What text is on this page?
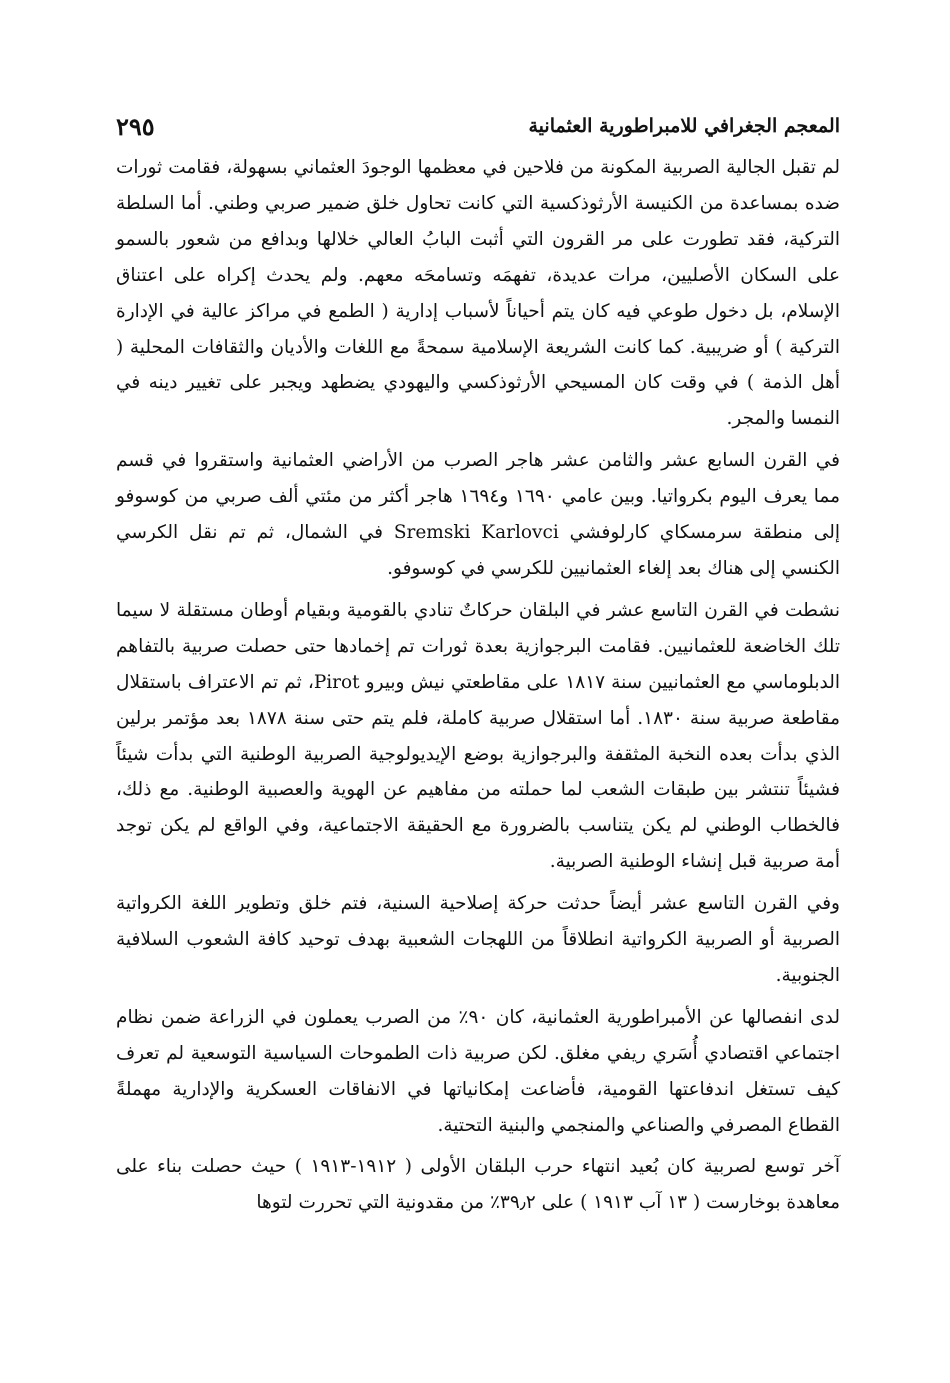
المعجم الجغرافي للامبراطورية العثمانية
٢٩٥

لم تقبل الجالية الصربية المكونة من فلاحين في معظمها الوجودَ العثماني بسهولة، فقامت ثورات ضده بمساعدة من الكنيسة الأرثوذكسية التي كانت تحاول خلق ضمير صربي وطني. أما السلطة التركية، فقد تطورت على مر القرون التي أثبت البابُ العالي خلالها وبدافع من شعور بالسمو على السكان الأصليين، مرات عديدة، تفهمَه وتسامحَه معهم. ولم يحدث إكراه على اعتناق الإسلام، بل دخول طوعي فيه كان يتم أحياناً لأسباب إدارية ( الطمع في مراكز عالية في الإدارة التركية ) أو ضريبية. كما كانت الشريعة الإسلامية سمحةً مع اللغات والأديان والثقافات المحلية ( أهل الذمة ) في وقت كان المسيحي الأرثوذكسي واليهودي يضطهد ويجبر على تغيير دينه في النمسا والمجر.

في القرن السابع عشر والثامن عشر هاجر الصرب من الأراضي العثمانية واستقروا في قسم مما يعرف اليوم بكرواتيا. وبين عامي ١٦٩٠ و١٦٩٤ هاجر أكثر من مئتي ألف صربي من كوسوفو إلى منطقة سرمسكاي كارلوفشي Sremski Karlovci في الشمال، ثم تم نقل الكرسي الكنسي إلى هناك بعد إلغاء العثمانيين للكرسي في كوسوفو.

نشطت في القرن التاسع عشر في البلقان حركاتٌ تنادي بالقومية وبقيام أوطان مستقلة لا سيما تلك الخاضعة للعثمانيين. فقامت البرجوازية بعدة ثورات تم إخمادها حتى حصلت صربية بالتفاهم الدبلوماسي مع العثمانيين سنة ١٨١٧ على مقاطعتي نيش وبيرو Pirot، ثم تم الاعتراف باستقلال مقاطعة صربية سنة ١٨٣٠. أما استقلال صربية كاملة، فلم يتم حتى سنة ١٨٧٨ بعد مؤتمر برلين الذي بدأت بعده النخبة المثقفة والبرجوازية بوضع الإيديولوجية الصربية الوطنية التي بدأت شيئاً فشيئاً تنتشر بين طبقات الشعب لما حملته من مفاهيم عن الهوية والعصبية الوطنية. مع ذلك، فالخطاب الوطني لم يكن يتناسب بالضرورة مع الحقيقة الاجتماعية، وفي الواقع لم يكن توجد أمة صربية قبل إنشاء الوطنية الصربية.

وفي القرن التاسع عشر أيضاً حدثت حركة إصلاحية السنية، فتم خلق وتطوير اللغة الكرواتية الصربية أو الصربية الكرواتية انطلاقاً من اللهجات الشعبية بهدف توحيد كافة الشعوب السلافية الجنوبية.

لدى انفصالها عن الأمبراطورية العثمانية، كان ٩٠٪ من الصرب يعملون في الزراعة ضمن نظام اجتماعي اقتصادي أُسَري ريفي مغلق. لكن صربية ذات الطموحات السياسية التوسعية لم تعرف كيف تستغل اندفاعتها القومية، فأضاعت إمكانياتها في الانفاقات العسكرية والإدارية مهملةً القطاع المصرفي والصناعي والمنجمي والبنية التحتية.

آخر توسع لصربية كان بُعيد انتهاء حرب البلقان الأولى ( ١٩١٢-١٩١٣ ) حيث حصلت بناء على معاهدة بوخارست ( ١٣ آب ١٩١٣ ) على ٣٩٫٢٪ من مقدونية التي تحررت لتوها
